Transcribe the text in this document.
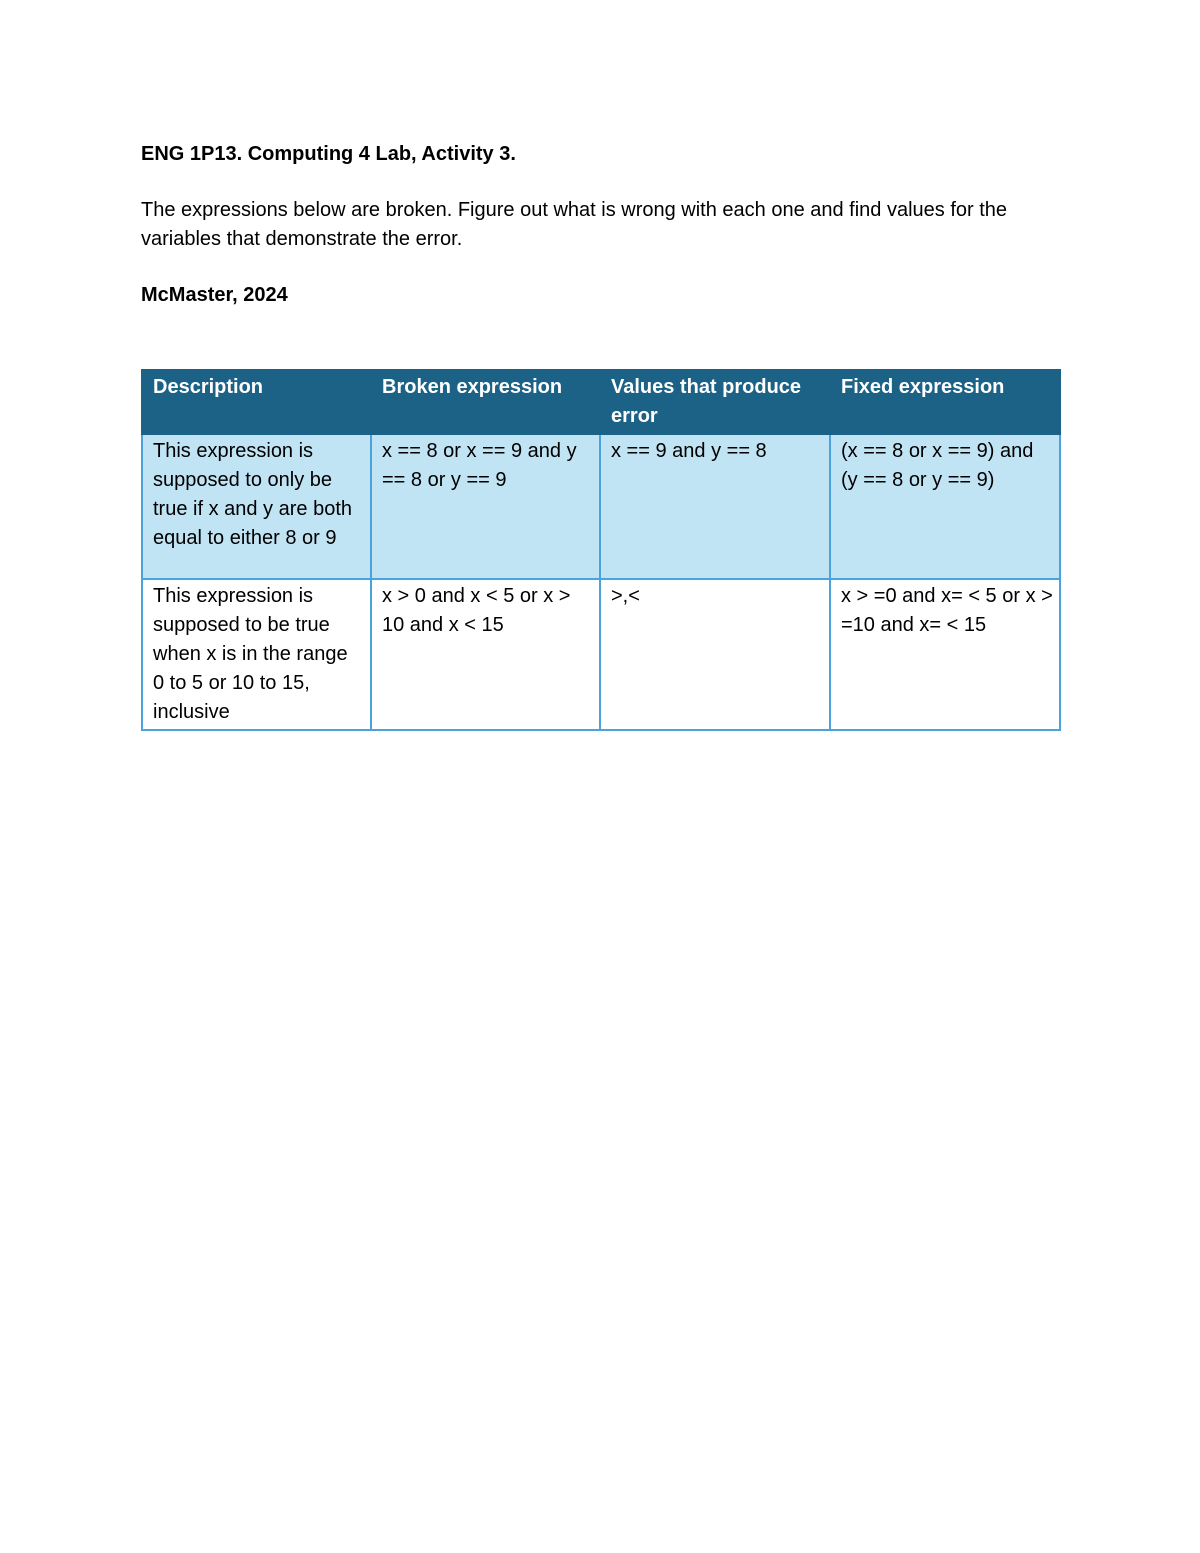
ENG 1P13. Computing 4 Lab, Activity 3.

The expressions below are broken. Figure out what is wrong with each one and find values for the variables that demonstrate the error.

McMaster, 2024

Description	Broken expression	Values that produce error	Fixed expression
This expression is supposed to only be true if x and y are both equal to either 8 or 9	x == 8 or x == 9 and y == 8 or y == 9	x == 9 and y == 8	(x == 8 or x == 9) and (y == 8 or y == 9)
This expression is supposed to be true when x is in the range 0 to 5 or 10 to 15, inclusive	x > 0 and x < 5 or x > 10 and x < 15	>,<	x > =0 and x= < 5 or x > =10 and x= < 15
